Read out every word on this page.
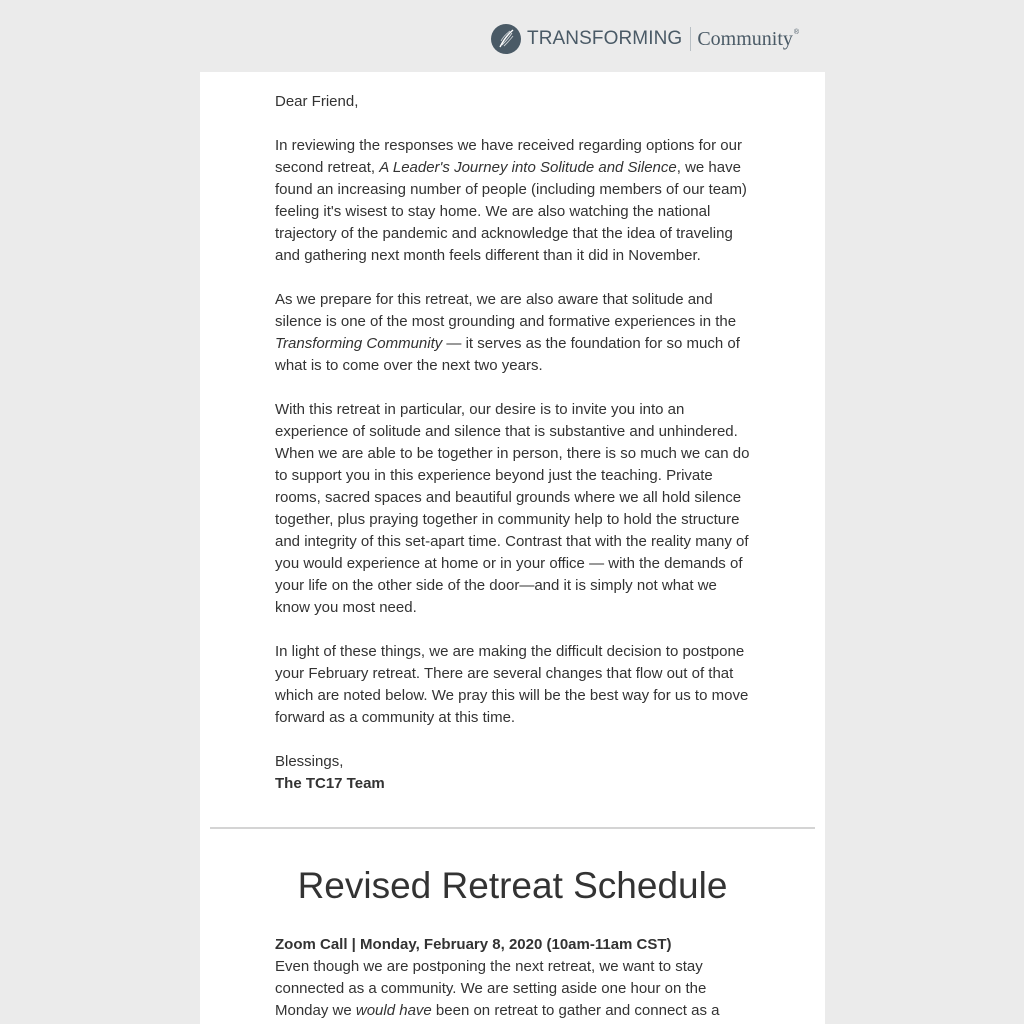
TRANSFORMING Community ®

Dear Friend,

In reviewing the responses we have received regarding options for our second retreat, A Leader's Journey into Solitude and Silence, we have found an increasing number of people (including members of our team) feeling it's wisest to stay home. We are also watching the national trajectory of the pandemic and acknowledge that the idea of traveling and gathering next month feels different than it did in November.

As we prepare for this retreat, we are also aware that solitude and silence is one of the most grounding and formative experiences in the Transforming Community — it serves as the foundation for so much of what is to come over the next two years.

With this retreat in particular, our desire is to invite you into an experience of solitude and silence that is substantive and unhindered. When we are able to be together in person, there is so much we can do to support you in this experience beyond just the teaching. Private rooms, sacred spaces and beautiful grounds where we all hold silence together, plus praying together in community help to hold the structure and integrity of this set-apart time. Contrast that with the reality many of you would experience at home or in your office — with the demands of your life on the other side of the door—and it is simply not what we know you most need.

In light of these things, we are making the difficult decision to postpone your February retreat. There are several changes that flow out of that which are noted below. We pray this will be the best way for us to move forward as a community at this time.

Blessings,

The TC17 Team

Revised Retreat Schedule

Zoom Call | Monday, February 8, 2020 (10am-11am CST)

Even though we are postponing the next retreat, we want to stay connected as a community. We are setting aside one hour on the Monday we would have been on retreat to gather and connect as a
